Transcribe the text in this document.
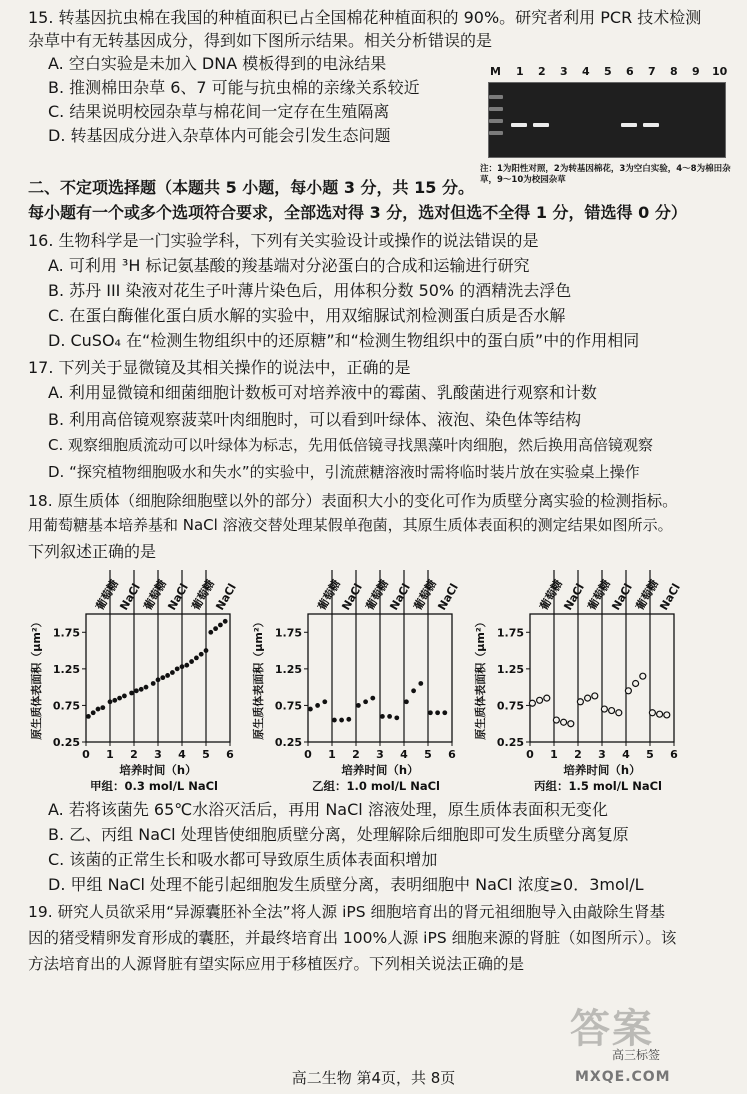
15. 转基因抗虫棉在我国的种植面积已占全国棉花种植面积的 90%。研究者利用 PCR 技术检测
杂草中有无转基因成分，得到如下图所示结果。相关分析错误的是
A. 空白实验是未加入 DNA 模板得到的电泳结果
B. 推测棉田杂草 6、7 可能与抗虫棉的亲缘关系较近
C. 结果说明校园杂草与棉花间一定存在生殖隔离
D. 转基因成分进入杂草体内可能会引发生态问题
M 1 2 3 4 5 6 7 8 9 10
注：1为阳性对照，2为转基因棉花，3为空白实验，4～8为棉田杂草，9～10为校园杂草
二、不定项选择题（本题共 5 小题，每小题 3 分，共 15 分。
每小题有一个或多个选项符合要求，全部选对得 3 分，选对但选不全得 1 分，错选得 0 分）
16. 生物科学是一门实验学科，下列有关实验设计或操作的说法错误的是
A. 可利用 ³H 标记氨基酸的羧基端对分泌蛋白的合成和运输进行研究
B. 苏丹 III 染液对花生子叶薄片染色后，用体积分数 50% 的酒精洗去浮色
C. 在蛋白酶催化蛋白质水解的实验中，用双缩脲试剂检测蛋白质是否水解
D. CuSO₄ 在“检测生物组织中的还原糖”和“检测生物组织中的蛋白质”中的作用相同
17. 下列关于显微镜及其相关操作的说法中，正确的是
A. 利用显微镜和细菌细胞计数板可对培养液中的霉菌、乳酸菌进行观察和计数
B. 利用高倍镜观察菠菜叶肉细胞时，可以看到叶绿体、液泡、染色体等结构
C. 观察细胞质流动可以叶绿体为标志，先用低倍镜寻找黑藻叶肉细胞，然后换用高倍镜观察
D. “探究植物细胞吸水和失水”的实验中，引流蔗糖溶液时需将临时装片放在实验桌上操作
18. 原生质体（细胞除细胞壁以外的部分）表面积大小的变化可作为质壁分离实验的检测指标。
用葡萄糖基本培养基和 NaCl 溶液交替处理某假单孢菌，其原生质体表面积的测定结果如图所示。
下列叙述正确的是
葡萄糖
NaCl
葡萄糖
NaCl
葡萄糖
NaCl
0.25
0.75
1.25
1.75
0 1 2 3 4 5 6
培养时间（h）
原生质体表面积（μm²）
甲组：0.3 mol/L NaCl
葡萄糖
NaCl
葡萄糖
NaCl
葡萄糖
NaCl
0.25
0.75
1.25
1.75
0 1 2 3 4 5 6
培养时间（h）
原生质体表面积（μm²）
乙组：1.0 mol/L NaCl
葡萄糖
NaCl
葡萄糖
NaCl
葡萄糖
NaCl
0.25
0.75
1.25
1.75
0 1 2 3 4 5 6
培养时间（h）
原生质体表面积（μm²）
丙组：1.5 mol/L NaCl
A. 若将该菌先 65℃水浴灭活后，再用 NaCl 溶液处理，原生质体表面积无变化
B. 乙、丙组 NaCl 处理皆使细胞质壁分离，处理解除后细胞即可发生质壁分离复原
C. 该菌的正常生长和吸水都可导致原生质体表面积增加
D. 甲组 NaCl 处理不能引起细胞发生质壁分离，表明细胞中 NaCl 浓度≥0．3mol/L
19. 研究人员欲采用“异源囊胚补全法”将人源 iPS 细胞培育出的肾元祖细胞导入由敲除生肾基
因的猪受精卵发育形成的囊胚，并最终培育出 100%人源 iPS 细胞来源的肾脏（如图所示）。该
方法培育出的人源肾脏有望实际应用于移植医疗。下列相关说法正确的是
答案
高三标签
MXQE.COM
高二生物 第4页，共 8页
